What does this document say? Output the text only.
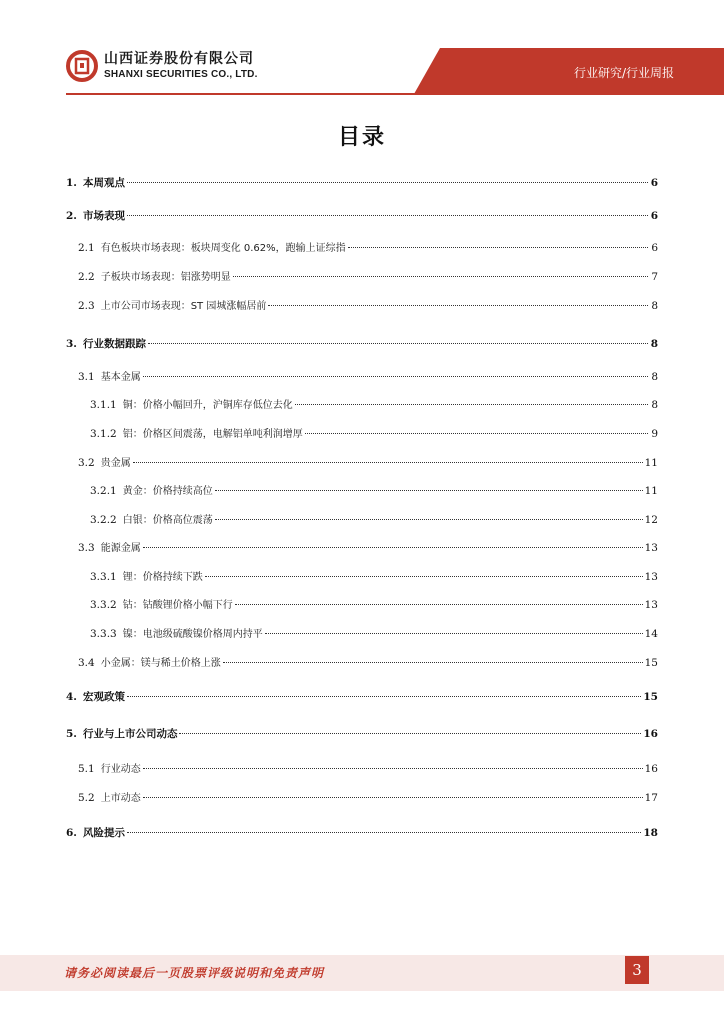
山西证券股份有限公司
SHANXI SECURITIES CO., LTD.	行业研究/行业周报
目录
1. 本周观点	6
2. 市场表现	6
2.1 有色板块市场表现：板块周变化 0.62%，跑输上证综指	6
2.2 子板块市场表现：铝涨势明显	7
2.3 上市公司市场表现：ST 园城涨幅居前	8
3. 行业数据跟踪	8
3.1 基本金属	8
3.1.1 铜：价格小幅回升，沪铜库存低位去化	8
3.1.2 铝：价格区间震荡，电解铝单吨利润增厚	9
3.2 贵金属	11
3.2.1 黄金：价格持续高位	11
3.2.2 白银：价格高位震荡	12
3.3 能源金属	13
3.3.1 锂：价格持续下跌	13
3.3.2 钴：钴酸锂价格小幅下行	13
3.3.3 镍：电池级硫酸镍价格周内持平	14
3.4 小金属：镁与稀土价格上涨	15
4. 宏观政策	15
5. 行业与上市公司动态	16
5.1 行业动态	16
5.2 上市动态	17
6. 风险提示	18
请务必阅读最后一页股票评级说明和免责声明	3
